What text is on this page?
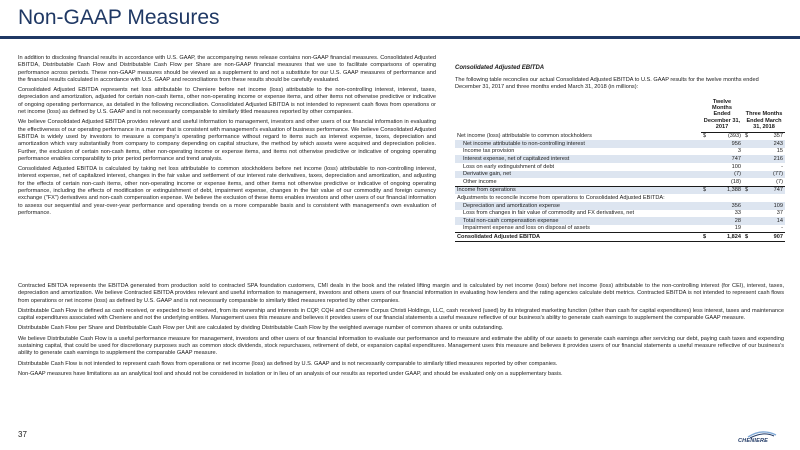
Non-GAAP Measures

In addition to disclosing financial results in accordance with U.S. GAAP, the accompanying news release contains non-GAAP financial measures. Consolidated Adjusted EBITDA, Distributable Cash Flow and Distributable Cash Flow per Share are non-GAAP financial measures that we use to facilitate comparisons of operating performance across periods. These non-GAAP measures should be viewed as a supplement to and not a substitute for our U.S. GAAP measures of performance and the financial results calculated in accordance with U.S. GAAP and reconciliations from these results should be carefully evaluated.

Consolidated Adjusted EBITDA represents net loss attributable to Cheniere before net income (loss) attributable to the non-controlling interest, interest, taxes, depreciation and amortization, adjusted for certain non-cash items, other non-operating income or expense items, and other items not otherwise predictive or indicative of ongoing operating performance, as detailed in the following reconciliation. Consolidated Adjusted EBITDA is not intended to represent cash flows from operations or net income (loss) as defined by U.S. GAAP and is not necessarily comparable to similarly titled measures reported by other companies.

We believe Consolidated Adjusted EBITDA provides relevant and useful information to management, investors and other users of our financial information in evaluating the effectiveness of our operating performance in a manner that is consistent with management's evaluation of business performance. We believe Consolidated Adjusted EBITDA is widely used by investors to measure a company's operating performance without regard to items such as interest expense, taxes, depreciation and amortization which vary substantially from company to company depending on capital structure, the method by which assets were acquired and depreciation policies. Further, the exclusion of certain non-cash items, other non-operating income or expense items, and items not otherwise predictive or indicative of ongoing operating performance enables comparability to prior period performance and trend analysis.

Consolidated Adjusted EBITDA is calculated by taking net loss attributable to common stockholders before net income (loss) attributable to non-controlling interest, interest expense, net of capitalized interest, changes in the fair value and settlement of our interest rate derivatives, taxes, depreciation and amortization, and adjusting for the effects of certain non-cash items, other non-operating income or expense items, and other items not otherwise predictive or indicative of ongoing operating performance, including the effects of modification or extinguishment of debt, impairment expense, changes in the fair value of our commodity and foreign currency exchange ("FX") derivatives and non-cash compensation expense. We believe the exclusion of these items enables investors and other users of our financial information to assess our sequential and year-over-year performance and operating trends on a more comparable basis and is consistent with management's own evaluation of performance.

Consolidated Adjusted EBITDA
The following table reconciles our actual Consolidated Adjusted EBITDA to U.S. GAAP results for the twelve months ended December 31, 2017 and three months ended March 31, 2018 (in millions):
	Twelve Months Ended December 31, 2017		Three Months Ended March 31, 2018	
Net income (loss) attributable to common stockholders	$	(393)	$	357
Net income attributable to non-controlling interest		956		243
Income tax provision		3		15
Interest expense, net of capitalized interest		747		216
Loss on early extinguishment of debt		100		-
Derivative gain, net		(7)		(77)
Other income		(18)		(7)
Income from operations	$	1,388	$	747
Adjustments to reconcile income from operations to Consolidated Adjusted EBITDA:				
Depreciation and amortization expense		356		109
Loss from changes in fair value of commodity and FX derivatives, net		33		37
Total non-cash compensation expense		28		14
Impairment expense and loss on disposal of assets		19		-
Consolidated Adjusted EBITDA	$	1,824	$	907

Contracted EBITDA represents the EBITDA generated from production sold to contracted SPA foundation customers, CMI deals in the book and the related lifting margin and is calculated by net income (loss) before net income (loss) attributable to the non-controlling interest (for CEI), interest, taxes, depreciation and amortization. We believe Contracted EBITDA provides relevant and useful information to management, investors and others users of our financial information in evaluating how lenders and the rating agencies calculate debt metrics. Contracted EBITDA is not intended to represent cash flows from operations or net income (loss) as defined by U.S. GAAP and is not necessarily comparable to similarly titled measures reported by other companies.

Distributable Cash Flow is defined as cash received, or expected to be received, from its ownership and interests in CQP, CQH and Cheniere Corpus Christi Holdings, LLC, cash received (used) by its integrated marketing function (other than cash for capital expenditures) less interest, taxes and maintenance capital expenditures associated with Cheniere and not the underlying entities. Management uses this measure and believes it provides users of our financial statements a useful measure reflective of our business's ability to generate cash earnings to supplement the comparable GAAP measure.

Distributable Cash Flow per Share and Distributable Cash Flow per Unit are calculated by dividing Distributable Cash Flow by the weighted average number of common shares or units outstanding.

We believe Distributable Cash Flow is a useful performance measure for management, investors and other users of our financial information to evaluate our performance and to measure and estimate the ability of our assets to generate cash earnings after servicing our debt, paying cash taxes and expending sustaining capital, that could be used for discretionary purposes such as common stock dividends, stock repurchases, retirement of debt, or expansion capital expenditures. Management uses this measure and believes it provides users of our financial statements a useful measure reflective of our business's ability to generate cash earnings to supplement the comparable GAAP measure.

Distributable Cash Flow is not intended to represent cash flows from operations or net income (loss) as defined by U.S. GAAP and is not necessarily comparable to similarly titled measures reported by other companies.

Non-GAAP measures have limitations as an analytical tool and should not be considered in isolation or in lieu of an analysis of our results as reported under GAAP, and should be evaluated only on a supplementary basis.

37
CHENIERE
